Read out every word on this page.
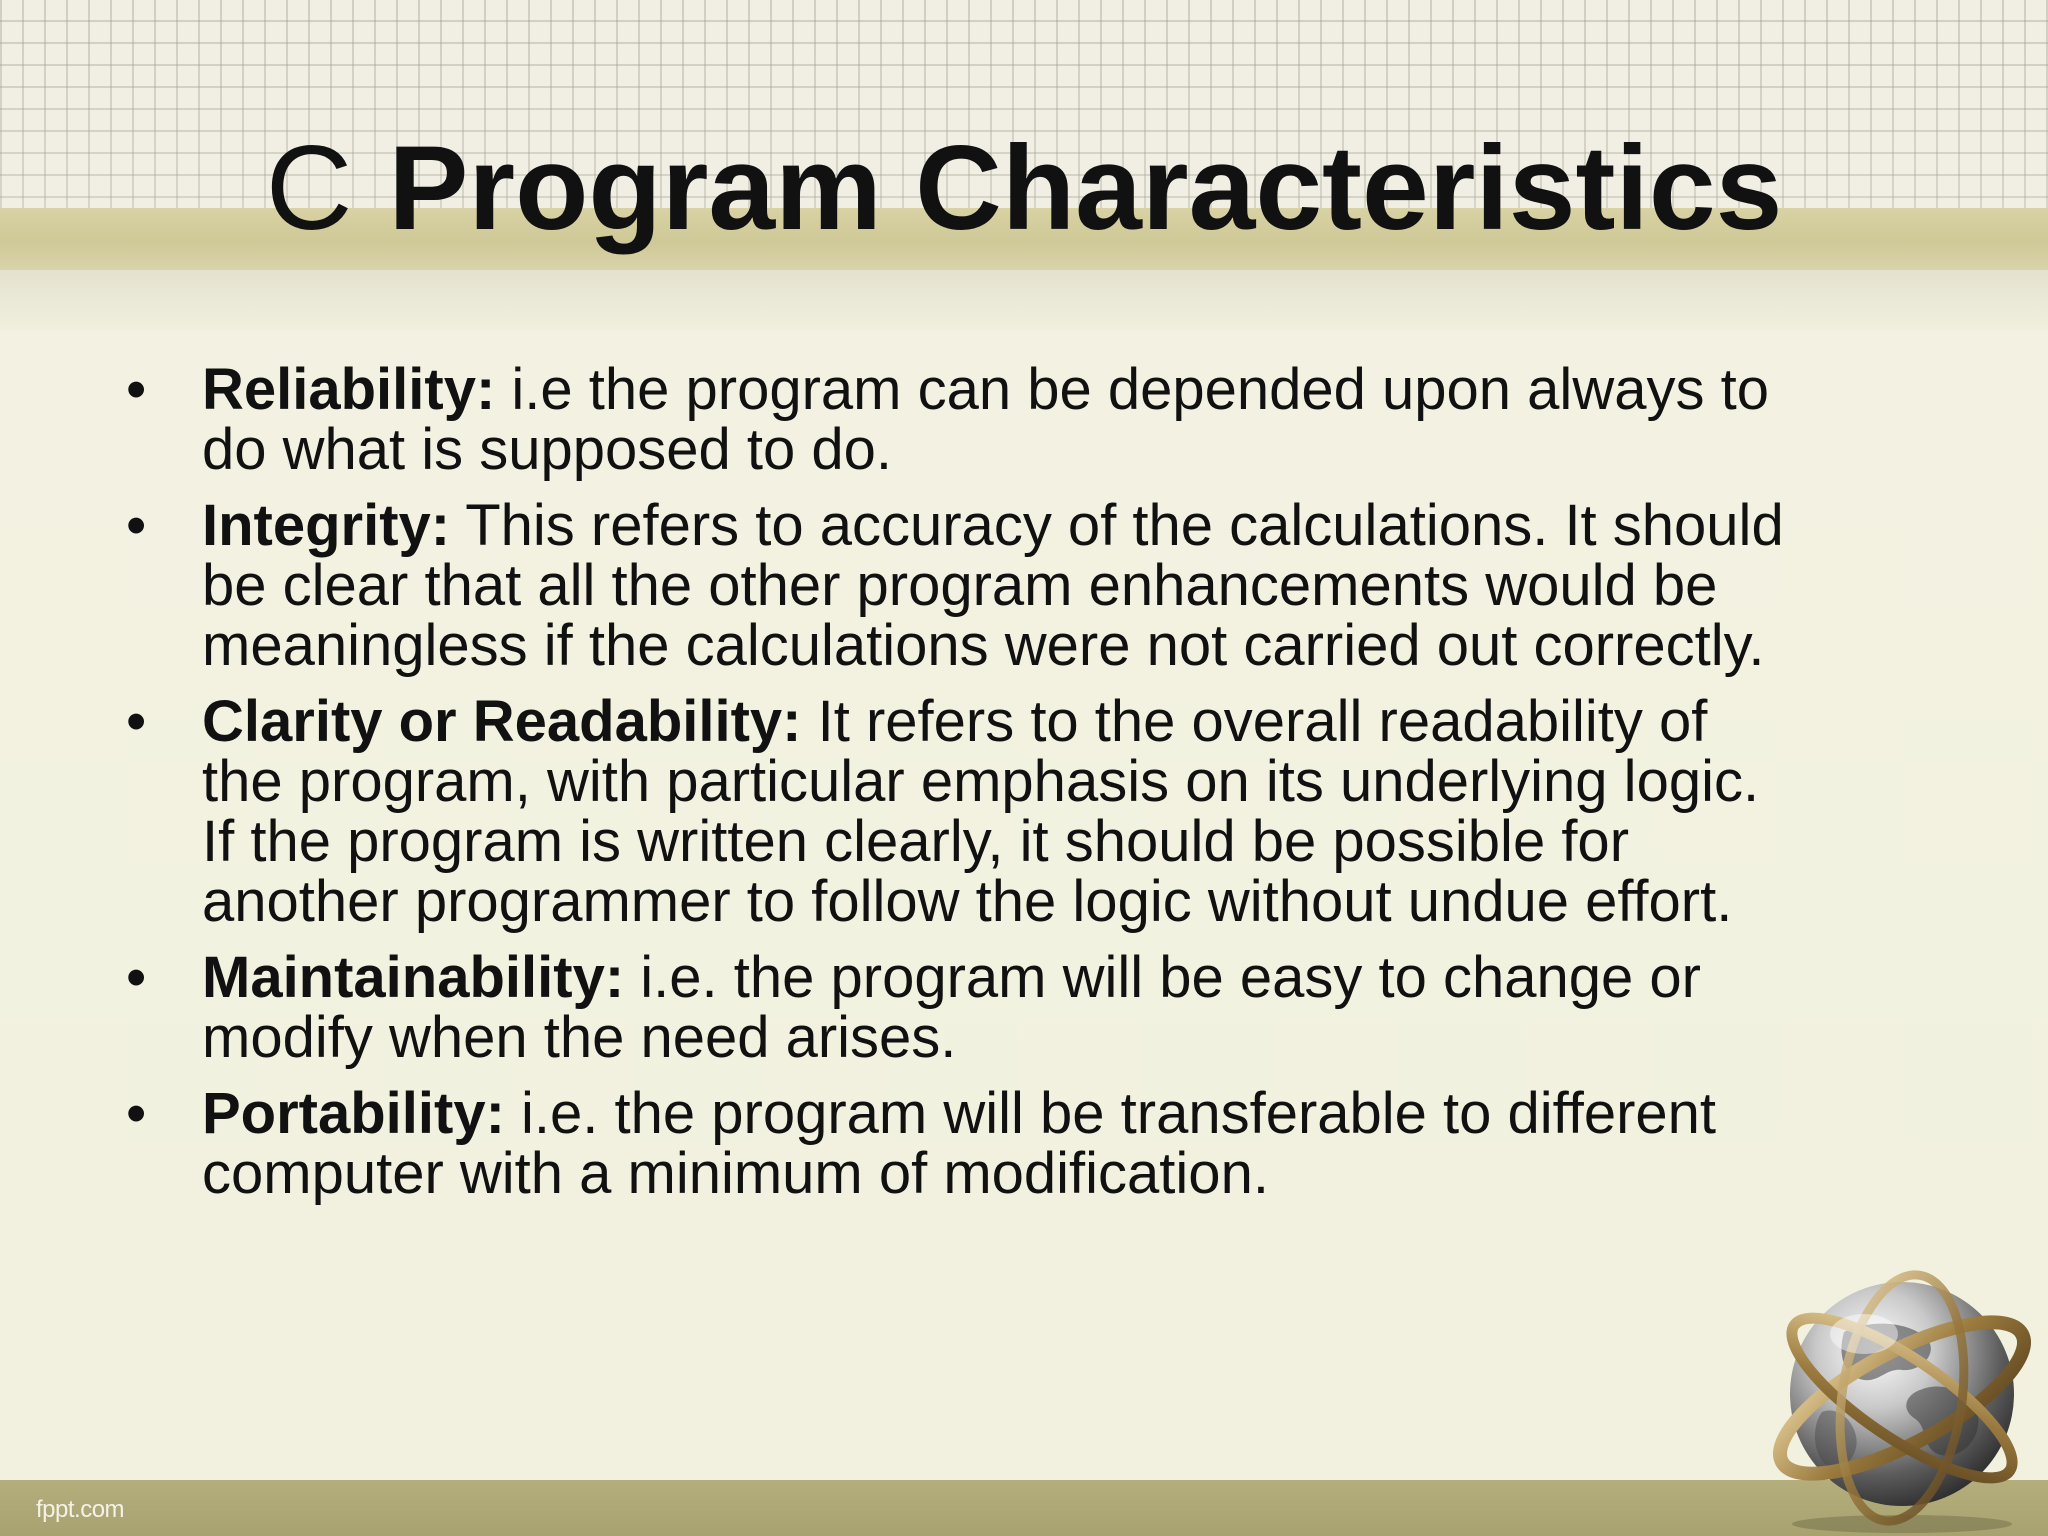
C Program Characteristics
• Reliability: i.e the program can be depended upon always to
do what is supposed to do.
• Integrity: This refers to accuracy of the calculations. It should
be clear that all the other program enhancements would be
meaningless if the calculations were not carried out correctly.
• Clarity or Readability: It refers to the overall readability of
the program, with particular emphasis on its underlying logic.
If the program is written clearly, it should be possible for
another programmer to follow the logic without undue effort.
• Maintainability: i.e. the program will be easy to change or
modify when the need arises.
• Portability: i.e. the program will be transferable to different
computer with a minimum of modification.
fppt.com
